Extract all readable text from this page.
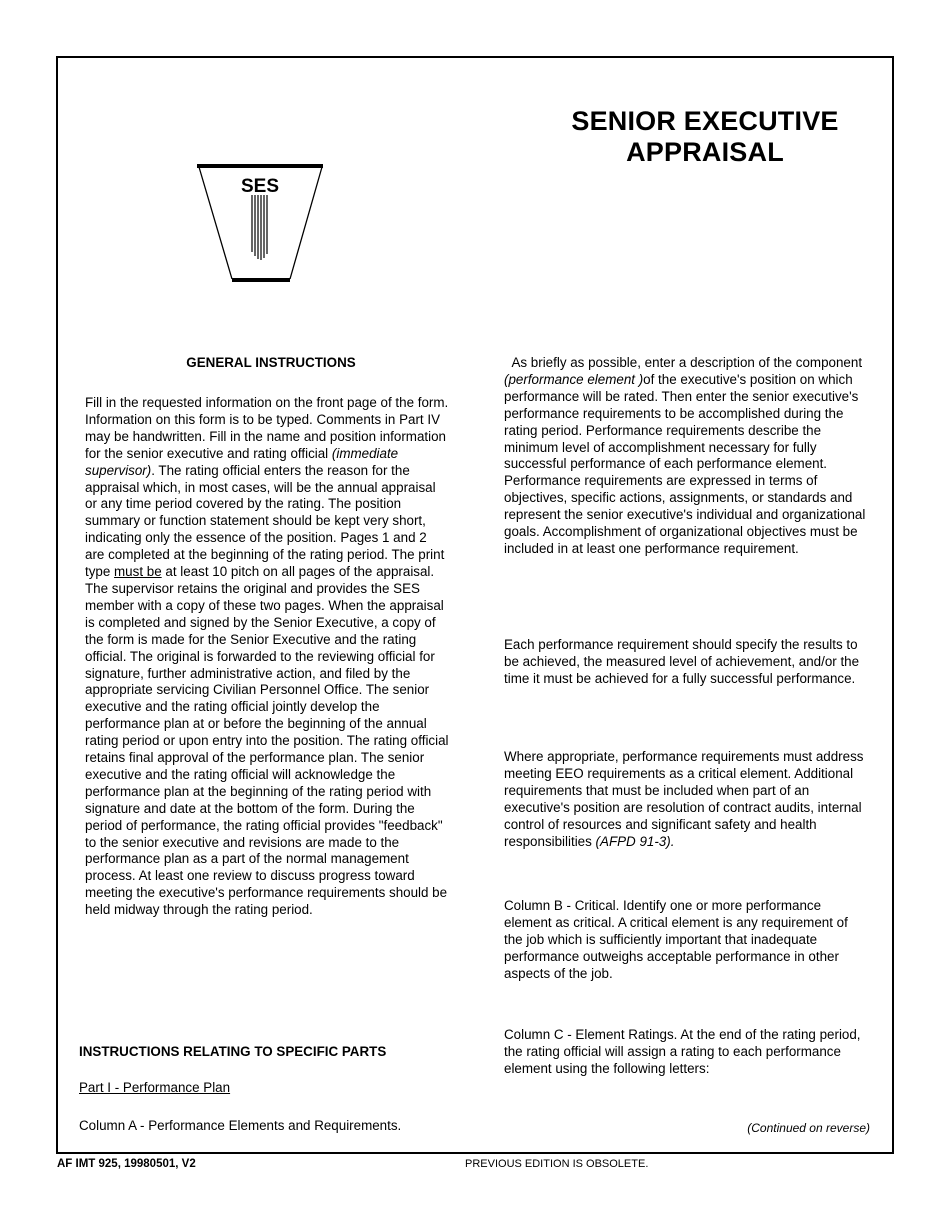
SENIOR EXECUTIVE
APPRAISAL
SES
GENERAL INSTRUCTIONS

Fill in the requested information on the front page of the form. Information on this form is to be typed. Comments in Part IV may be handwritten. Fill in the name and position information for the senior executive and rating official (immediate supervisor). The rating official enters the reason for the appraisal which, in most cases, will be the annual appraisal or any time period covered by the rating. The position summary or function statement should be kept very short, indicating only the essence of the position. Pages 1 and 2 are completed at the beginning of the rating period. The print type must be at least 10 pitch on all pages of the appraisal. The supervisor retains the original and provides the SES member with a copy of these two pages. When the appraisal is completed and signed by the Senior Executive, a copy of the form is made for the Senior Executive and the rating official. The original is forwarded to the reviewing official for signature, further administrative action, and filed by the appropriate servicing Civilian Personnel Office. The senior executive and the rating official jointly develop the performance plan at or before the beginning of the annual rating period or upon entry into the position. The rating official retains final approval of the performance plan. The senior executive and the rating official will acknowledge the performance plan at the beginning of the rating period with signature and date at the bottom of the form. During the period of performance, the rating official provides "feedback" to the senior executive and revisions are made to the performance plan as a part of the normal management process. At least one review to discuss progress toward meeting the executive's performance requirements should be held midway through the rating period.

INSTRUCTIONS RELATING TO SPECIFIC PARTS
Part I - Performance Plan
Column A - Performance Elements and Requirements.

As briefly as possible, enter a description of the component (performance element )of the executive's position on which performance will be rated. Then enter the senior executive's performance requirements to be accomplished during the rating period. Performance requirements describe the minimum level of accomplishment necessary for fully successful performance of each performance element. Performance requirements are expressed in terms of objectives, specific actions, assignments, or standards and represent the senior executive's individual and organizational goals. Accomplishment of organizational objectives must be included in at least one performance requirement.

Each performance requirement should specify the results to be achieved, the measured level of achievement, and/or the time it must be achieved for a fully successful performance.

Where appropriate, performance requirements must address meeting EEO requirements as a critical element. Additional requirements that must be included when part of an executive's position are resolution of contract audits, internal control of resources and significant safety and health responsibilities (AFPD 91-3).

Column B - Critical. Identify one or more performance element as critical. A critical element is any requirement of the job which is sufficiently important that inadequate performance outweighs acceptable performance in other aspects of the job.

Column C - Element Ratings. At the end of the rating period, the rating official will assign a rating to each performance element using the following letters:

(Continued on reverse)
AF IMT 925, 19980501, V2	PREVIOUS EDITION IS OBSOLETE.
